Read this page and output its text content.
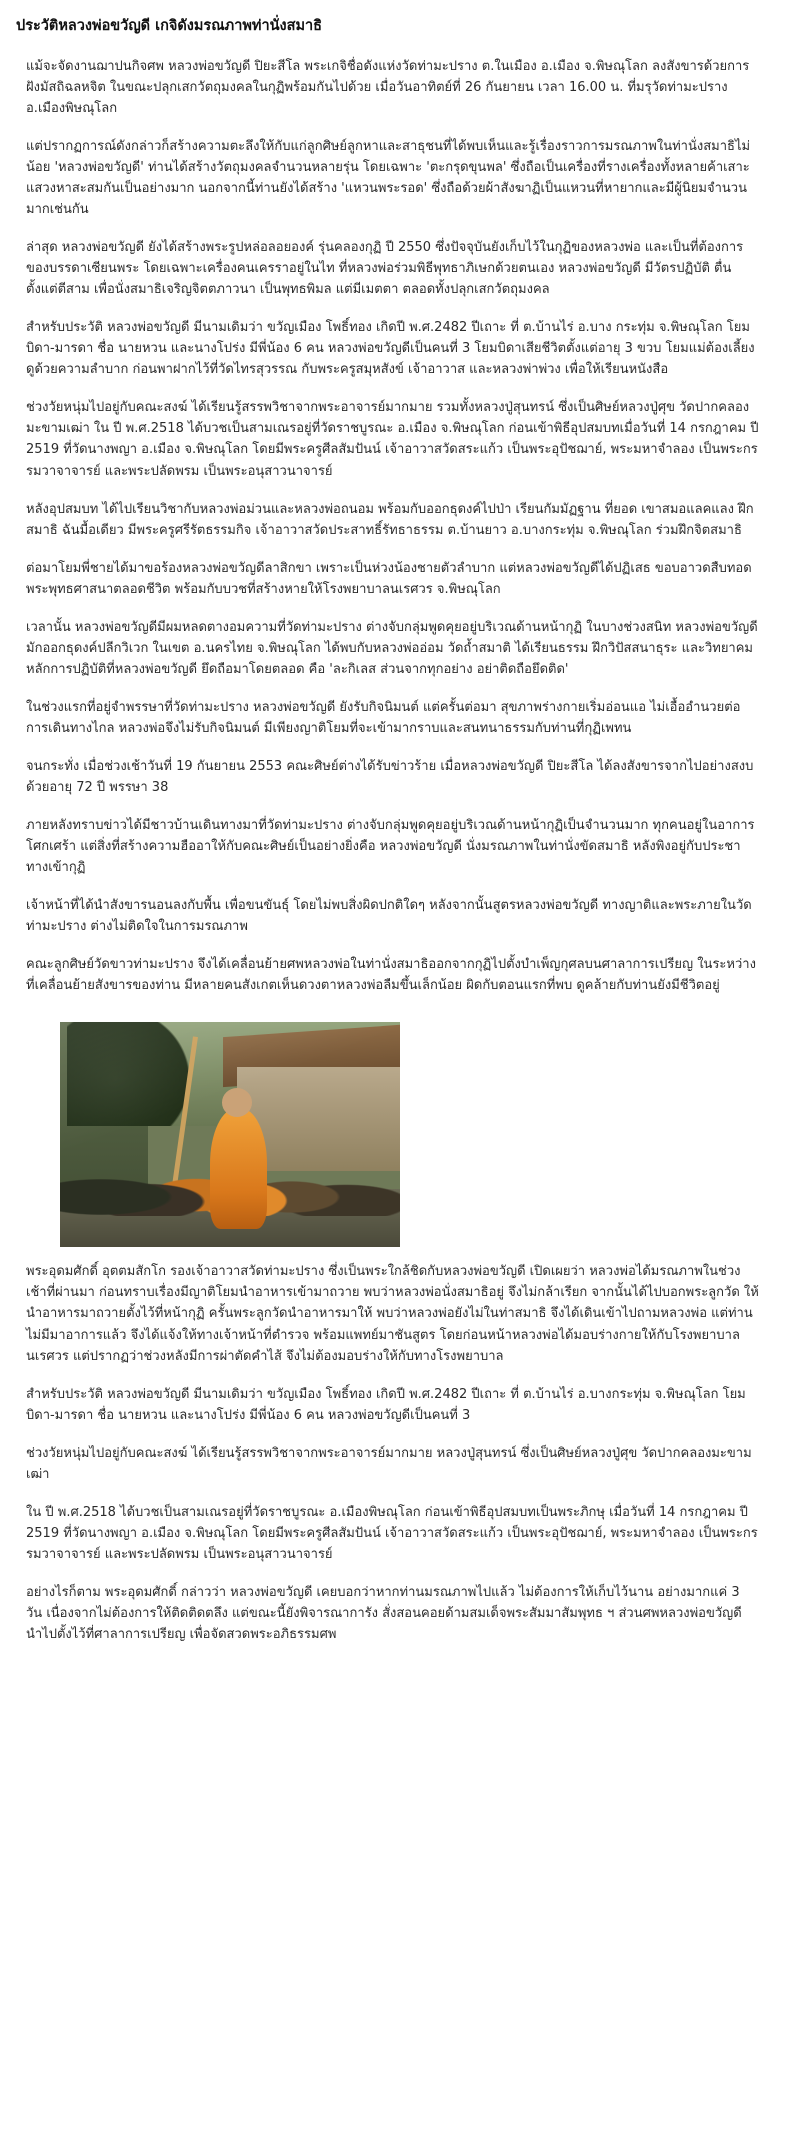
ประวัติหลวงพ่อขวัญดี เกจิดังมรณภาพท่านั่งสมาธิ

แม้จะจัดงานฌาปนกิจศพ หลวงพ่อขวัญดี ปิยะสีโล พระเกจิชื่อดังแห่งวัดท่ามะปราง ต.ในเมือง อ.เมือง จ.พิษณุโลก ลงสังขารด้วยการฝังมัสถิฉลหจิต ในขณะปลุกเสกวัตถุมงคลในกุฏิพร้อมกันไปด้วย เมื่อวันอาทิตย์ที่ 26 กันยายน เวลา 16.00 น. ที่มรุวัดท่ามะปราง อ.เมืองพิษณุโลก

แต่ปรากฏการณ์ดังกล่าวก็สร้างความตะลึงให้กับแก่ลูกศิษย์ลูกหาและสาธุชนที่ได้พบเห็นและรู้เรื่องราวการมรณภาพในท่านั่งสมาธิไม่น้อย 'หลวงพ่อขวัญดี' ท่านได้สร้างวัตถุมงคลจำนวนหลายรุ่น โดยเฉพาะ 'ตะกรุดขุนพล' ซึ่งถือเป็นเครื่องที่รางเครื่องทั้งหลายค้าเสาะแสวงหาสะสมกันเป็นอย่างมาก นอกจากนี้ท่านยังได้สร้าง 'แหวนพระรอด' ซึ่งถือด้วยผ้าสังฆาฏิเป็นแหวนที่หายากและมีผู้นิยมจำนวนมากเช่นกัน

ล่าสุด หลวงพ่อขวัญดี ยังได้สร้างพระรูปหล่อลอยองค์ รุ่นคลองกุฏิ ปี 2550 ซึ่งปัจจุบันยังเก็บไว้ในกุฏิของหลวงพ่อ และเป็นที่ต้องการของบรรดาเซียนพระ โดยเฉพาะเครื่องคนเครราอยู่ในไท ที่หลวงพ่อร่วมพิธีพุทธาภิเษกด้วยตนเอง หลวงพ่อขวัญดี มีวัตรปฏิบัติ ตื่นตั้งแต่ตีสาม เพื่อนั่งสมาธิเจริญจิตตภาวนา เป็นพุทธพิมล แต่มีเมตตา ตลอดทั้งปลุกเสกวัตถุมงคล

สำหรับประวัติ หลวงพ่อขวัญดี มีนามเดิมว่า ขวัญเมือง โพธิ์ทอง เกิดปี พ.ศ.2482 ปีเถาะ ที่ ต.บ้านไร่ อ.บาง กระทุ่ม จ.พิษณุโลก โยมบิดา-มารดา ชื่อ นายหวน และนางโปร่ง มีพี่น้อง 6 คน หลวงพ่อขวัญดีเป็นคนที่ 3 โยมบิดาเสียชีวิตตั้งแต่อายุ 3 ขวบ โยมแม่ต้องเลี้ยงดูด้วยความลำบาก ก่อนพาฝากไว้ที่วัดไทรสุวรรณ กับพระครูสมุหสังข์ เจ้าอาวาส และหลวงพ่าพ่วง เพื่อให้เรียนหนังสือ

ช่วงวัยหนุ่มไปอยู่กับคณะสงฆ์ ได้เรียนรู้สรรพวิชาจากพระอาจารย์มากมาย รวมทั้งหลวงปู่สุนทรน์ ซึ่งเป็นศิษย์หลวงปู่ศุข วัดปากคลองมะขามเฒ่า ใน ปี พ.ศ.2518 ได้บวชเป็นสามเณรอยู่ที่วัดราชบูรณะ อ.เมือง จ.พิษณุโลก ก่อนเข้าพิธีอุปสมบทเมื่อวันที่ 14 กรกฎาคม ปี 2519 ที่วัดนางพญา อ.เมือง จ.พิษณุโลก โดยมีพระครูศีลสัมปันน์ เจ้าอาวาสวัดสระแก้ว เป็นพระอุปัชฌาย์, พระมหาจำลอง เป็นพระกรรมวาจาจารย์ และพระปลัดพรม เป็นพระอนุสาวนาจารย์

หลังอุปสมบท ได้ไปเรียนวิชากับหลวงพ่อม่วนและหลวงพ่อถนอม พร้อมกับออกธุดงค์ไปป่า เรียนกัมมัฏฐาน ที่ยอด เขาสมอแลคแลง ฝึกสมาธิ ฉันมื้อเดียว มีพระครูศรีรัตธรรมกิจ เจ้าอาวาสวัดประสาทธิ์รัทธาธรรม ต.บ้านยาว อ.บางกระทุ่ม จ.พิษณุโลก ร่วมฝึกจิตสมาธิ

ต่อมาโยมพี่ชายได้มาขอร้องหลวงพ่อขวัญดีลาสิกขา เพราะเป็นห่วงน้องชายตัวลำบาก แต่หลวงพ่อขวัญดีได้ปฏิเสธ ขอบอาวดสืบทอดพระพุทธศาสนาตลอดชีวิต พร้อมกับบวชที่สร้างหายให้โรงพยาบาลนเรศวร จ.พิษณุโลก

เวลานั้น หลวงพ่อขวัญดีมีผมหลดตางอมความที่วัดท่ามะปราง ต่างจับกลุ่มพูดคุยอยู่บริเวณด้านหน้ากุฏิ ในบางช่วงสนิท หลวงพ่อขวัญดี มักออกธุดงค์ปลีกวิเวก ในเขต อ.นครไทย จ.พิษณุโลก ได้พบกับหลวงพ่ออ่อม วัดถ้ำสมาติ ได้เรียนธรรม ฝึกวิปัสสนาธุระ และวิทยาคม หลักการปฏิบัติที่หลวงพ่อขวัญดี ยึดถือมาโดยตลอด คือ 'ละกิเลส ส่วนจากทุกอย่าง อย่าติดถือยึดติด'

ในช่วงแรกที่อยู่จำพรรษาที่วัดท่ามะปราง หลวงพ่อขวัญดี ยังรับกิจนิมนต์ แต่ครั้นต่อมา สุขภาพร่างกายเริ่มอ่อนแอ ไม่เอื้ออำนวยต่อการเดินทางไกล หลวงพ่อจึงไม่รับกิจนิมนต์ มีเพียงญาติโยมที่จะเข้ามากราบและสนทนาธรรมกับท่านที่กุฏิเพทน

จนกระทั่ง เมื่อช่วงเช้าวันที่ 19 กันยายน 2553 คณะศิษย์ต่างได้รับข่าวร้าย เมื่อหลวงพ่อขวัญดี ปิยะสีโล ได้ลงสังขารจากไปอย่างสงบ ด้วยอายุ 72 ปี พรรษา 38

ภายหลังทราบข่าวได้มีชาวบ้านเดินทางมาที่วัดท่ามะปราง ต่างจับกลุ่มพูดคุยอยู่บริเวณด้านหน้ากุฏิเป็นจำนวนมาก ทุกคนอยู่ในอาการโศกเศร้า แต่สิ่งที่สร้างความฮืออาให้กับคณะศิษย์เป็นอย่างยิ่งคือ หลวงพ่อขวัญดี นั่งมรณภาพในท่านั่งขัดสมาธิ หลังพิงอยู่กับประชาทางเข้ากุฏิ

เจ้าหน้าที่ได้นำสังขารนอนลงกับพื้น เพื่อขนขันธุ์ โดยไม่พบสิ่งผิดปกติใดๆ หลังจากนั้นสูตรหลวงพ่อขวัญดี ทางญาติและพระภายในวัดท่ามะปราง ต่างไม่ติดใจในการมรณภาพ

คณะลูกศิษย์วัดขาวท่ามะปราง จึงได้เคลื่อนย้ายศพหลวงพ่อในท่านั่งสมาธิออกจากกุฏิไปตั้งบำเพ็ญกุศลบนศาลาการเปรียญ ในระหว่างที่เคลื่อนย้ายสังขารของท่าน มีหลายคนสังเกตเห็นดวงตาหลวงพ่อลืมขึ้นเล็กน้อย ผิดกับตอนแรกที่พบ ดูคล้ายกับท่านยังมีชีวิตอยู่

พระอุดมศักดิ์ อุตตมสักโก รองเจ้าอาวาสวัดท่ามะปราง ซึ่งเป็นพระใกล้ชิดกับหลวงพ่อขวัญดี เปิดเผยว่า หลวงพ่อได้มรณภาพในช่วงเช้าที่ผ่านมา ก่อนทราบเรื่องมีญาติโยมนำอาหารเข้ามาถวาย พบว่าหลวงพ่อนั่งสมาธิอยู่ จึงไม่กล้าเรียก จากนั้นได้ไปบอกพระลูกวัด ให้นำอาหารมาถวายตั้งไว้ที่หน้ากุฏิ ครั้นพระลูกวัดนำอาหารมาให้ พบว่าหลวงพ่อยังไม่ในท่าสมาธิ จึงได้เดินเข้าไปถามหลวงพ่อ แต่ท่านไม่มีมาอาการแล้ว จึงได้แจ้งให้ทางเจ้าหน้าที่ตำรวจ พร้อมแพทย์มาชันสูตร โดยก่อนหน้าหลวงพ่อได้มอบร่างกายให้กับโรงพยาบาลนเรศวร แต่ปรากฏว่าช่วงหลังมีการผ่าตัดคำไส้ จึงไม่ต้องมอบร่างให้กับทางโรงพยาบาล

สำหรับประวัติ หลวงพ่อขวัญดี มีนามเดิมว่า ขวัญเมือง โพธิ์ทอง เกิดปี พ.ศ.2482 ปีเถาะ ที่ ต.บ้านไร่ อ.บางกระทุ่ม จ.พิษณุโลก โยมบิดา-มารดา ชื่อ นายหวน และนางโปร่ง มีพี่น้อง 6 คน หลวงพ่อขวัญดีเป็นคนที่ 3

ช่วงวัยหนุ่มไปอยู่กับคณะสงฆ์ ได้เรียนรู้สรรพวิชาจากพระอาจารย์มากมาย หลวงปู่สุนทรน์ ซึ่งเป็นศิษย์หลวงปู่ศุข วัดปากคลองมะขามเฒ่า

ใน ปี พ.ศ.2518 ได้บวชเป็นสามเณรอยู่ที่วัดราชบูรณะ อ.เมืองพิษณุโลก ก่อนเข้าพิธีอุปสมบทเป็นพระภิกษุ เมื่อวันที่ 14 กรกฎาคม ปี 2519 ที่วัดนางพญา อ.เมือง จ.พิษณุโลก โดยมีพระครูศีลสัมปันน์ เจ้าอาวาสวัดสระแก้ว เป็นพระอุปัชฌาย์, พระมหาจำลอง เป็นพระกรรมวาจาจารย์ และพระปลัดพรม เป็นพระอนุสาวนาจารย์

อย่างไรก็ตาม พระอุดมศักดิ์ กล่าวว่า หลวงพ่อขวัญดี เคยบอกว่าหากท่านมรณภาพไปแล้ว ไม่ต้องการให้เก็บไว้นาน อย่างมากแค่ 3 วัน เนื่องจากไม่ต้องการให้ติดติดตลึง แต่ขณะนี้ยังพิจารณาการัง สั่งสอนคอยด้ามสมเด็จพระสัมมาสัมพุทธ ฯ ส่วนศพหลวงพ่อขวัญดี นำไปตั้งไว้ที่ศาลาการเปรียญ เพื่อจัดสวดพระอภิธรรมศพ
